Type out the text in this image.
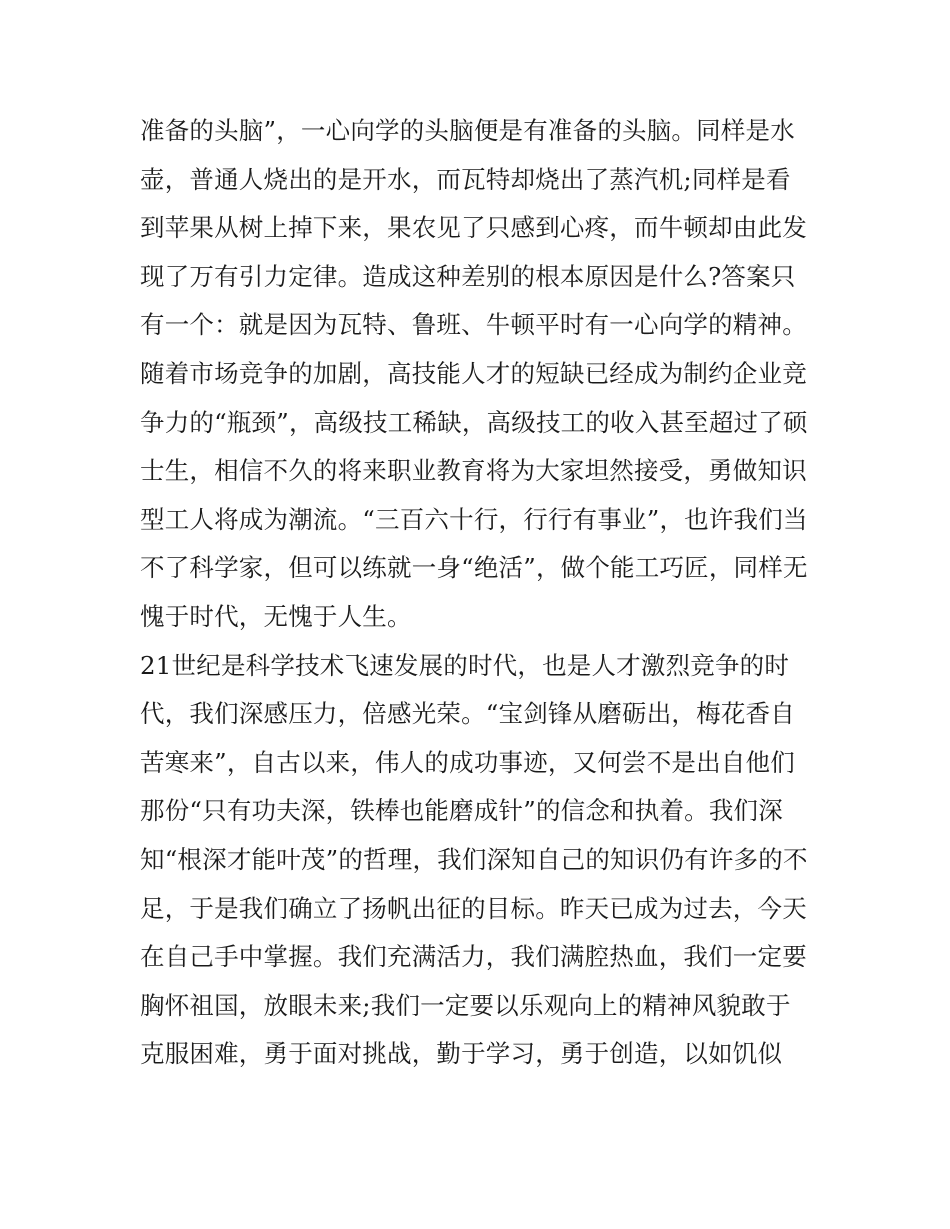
准备的头脑”，一心向学的头脑便是有准备的头脑。同样是水
壶，普通人烧出的是开水，而瓦特却烧出了蒸汽机;同样是看
到苹果从树上掉下来，果农见了只感到心疼，而牛顿却由此发
现了万有引力定律。造成这种差别的根本原因是什么?答案只
有一个：就是因为瓦特、鲁班、牛顿平时有一心向学的精神。
随着市场竞争的加剧，高技能人才的短缺已经成为制约企业竞
争力的“瓶颈”，高级技工稀缺，高级技工的收入甚至超过了硕
士生，相信不久的将来职业教育将为大家坦然接受，勇做知识
型工人将成为潮流。“三百六十行，行行有事业”，也许我们当
不了科学家，但可以练就一身“绝活”，做个能工巧匠，同样无
愧于时代，无愧于人生。
21世纪是科学技术飞速发展的时代，也是人才激烈竞争的时
代，我们深感压力，倍感光荣。“宝剑锋从磨砺出，梅花香自
苦寒来”，自古以来，伟人的成功事迹，又何尝不是出自他们
那份“只有功夫深，铁棒也能磨成针”的信念和执着。我们深
知“根深才能叶茂”的哲理，我们深知自己的知识仍有许多的不
足，于是我们确立了扬帆出征的目标。昨天已成为过去，今天
在自己手中掌握。我们充满活力，我们满腔热血，我们一定要
胸怀祖国，放眼未来;我们一定要以乐观向上的精神风貌敢于
克服困难，勇于面对挑战，勤于学习，勇于创造，以如饥似
